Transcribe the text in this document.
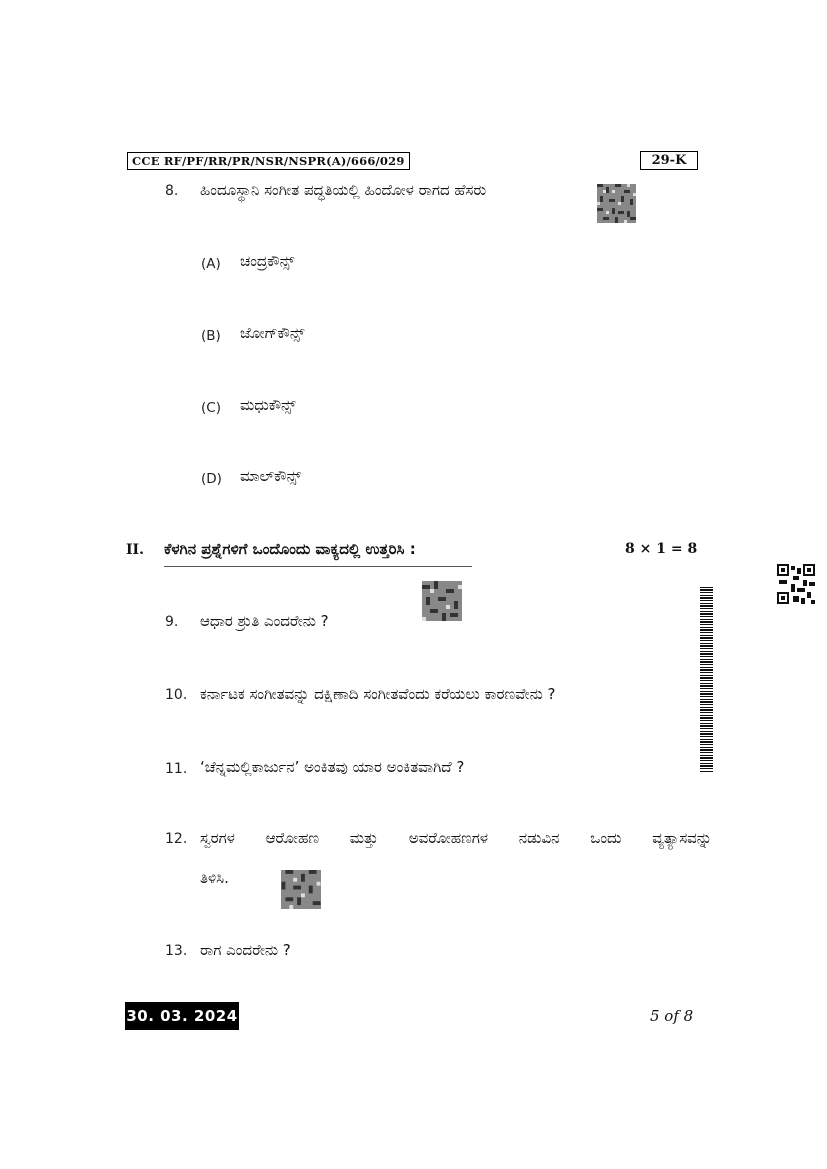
CCE RF/PF/RR/PR/NSR/NSPR(A)/666/029	29-K
8. ಹಿಂದೂಸ್ಥಾನಿ ಸಂಗೀತ ಪದ್ಧತಿಯಲ್ಲಿ ಹಿಂದೋಳ ರಾಗದ ಹೆಸರು
(A) ಚಂದ್ರಕೌನ್ಸ್
(B) ಜೋಗ್‌ಕೌನ್ಸ್
(C) ಮಧುಕೌನ್ಸ್
(D) ಮಾಲ್‌ಕೌನ್ಸ್
II. ಕೆಳಗಿನ ಪ್ರಶ್ನೆಗಳಿಗೆ ಒಂದೊಂದು ವಾಕ್ಯದಲ್ಲಿ ಉತ್ತರಿಸಿ :	8 × 1 = 8
9. ಆಧಾರ ಶ್ರುತಿ ಎಂದರೇನು ?
10. ಕರ್ನಾಟಕ ಸಂಗೀತವನ್ನು ದಕ್ಷಿಣಾದಿ ಸಂಗೀತವೆಂದು ಕರೆಯಲು ಕಾರಣವೇನು ?
11. ‘ಚೆನ್ನಮಲ್ಲಿಕಾರ್ಜುನ’ ಅಂಕಿತವು ಯಾರ ಅಂಕಿತವಾಗಿದೆ ?
12. ಸ್ವರಗಳ ಆರೋಹಣ ಮತ್ತು ಅವರೋಹಣಗಳ ನಡುವಿನ ಒಂದು ವ್ಯತ್ಯಾಸವನ್ನು
ತಿಳಿಸಿ.
13. ರಾಗ ಎಂದರೇನು ?
30. 03. 2024	5 of 8
